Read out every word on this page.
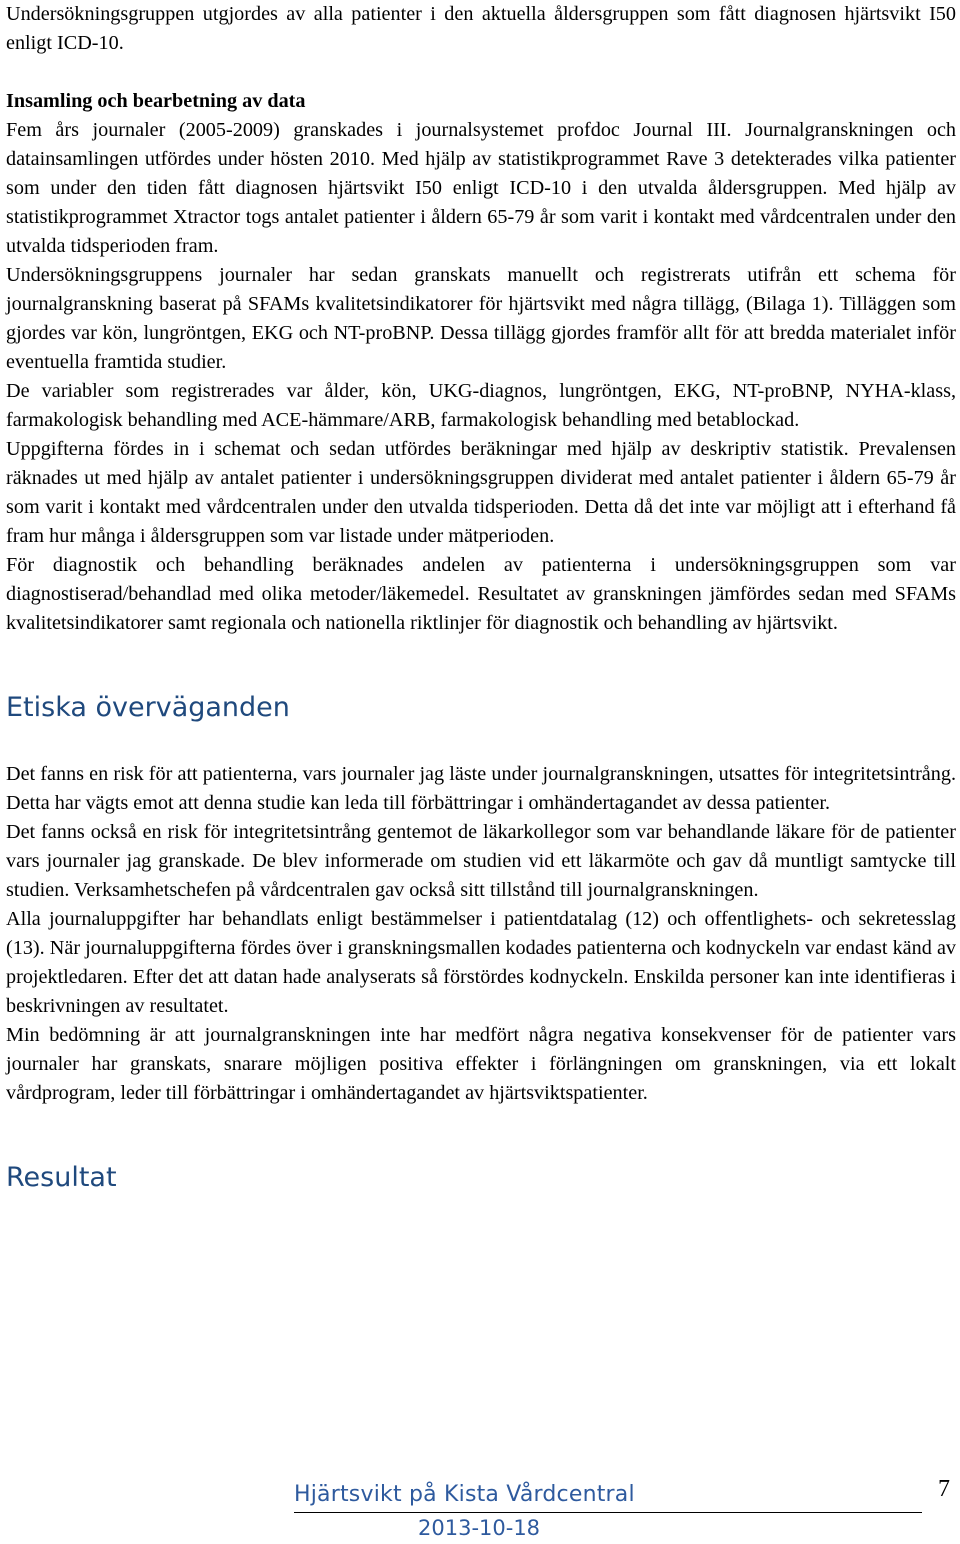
Undersökningsgruppen utgjordes av alla patienter i den aktuella åldersgruppen som fått diagnosen hjärtsvikt I50 enligt ICD-10.

Insamling och bearbetning av data

Fem års journaler (2005-2009) granskades i journalsystemet profdoc Journal III. Journalgranskningen och datainsamlingen utfördes under hösten 2010. Med hjälp av statistikprogrammet Rave 3 detekterades vilka patienter som under den tiden fått diagnosen hjärtsvikt I50 enligt ICD-10 i den utvalda åldersgruppen. Med hjälp av statistikprogrammet Xtractor togs antalet patienter i åldern 65-79 år som varit i kontakt med vårdcentralen under den utvalda tidsperioden fram.

Undersökningsgruppens journaler har sedan granskats manuellt och registrerats utifrån ett schema för journalgranskning baserat på SFAMs kvalitetsindikatorer för hjärtsvikt med några tillägg, (Bilaga 1). Tilläggen som gjordes var kön, lungröntgen, EKG och NT-proBNP. Dessa tillägg gjordes framför allt för att bredda materialet inför eventuella framtida studier.

De variabler som registrerades var ålder, kön, UKG-diagnos, lungröntgen, EKG, NT-proBNP, NYHA-klass, farmakologisk behandling med ACE-hämmare/ARB, farmakologisk behandling med betablockad.

Uppgifterna fördes in i schemat och sedan utfördes beräkningar med hjälp av deskriptiv statistik. Prevalensen räknades ut med hjälp av antalet patienter i undersökningsgruppen dividerat med antalet patienter i åldern 65-79 år som varit i kontakt med vårdcentralen under den utvalda tidsperioden. Detta då det inte var möjligt att i efterhand få fram hur många i åldersgruppen som var listade under mätperioden.

För diagnostik och behandling beräknades andelen av patienterna i undersökningsgruppen som var diagnostiserad/behandlad med olika metoder/läkemedel. Resultatet av granskningen jämfördes sedan med SFAMs kvalitetsindikatorer samt regionala och nationella riktlinjer för diagnostik och behandling av hjärtsvikt.

Etiska överväganden

Det fanns en risk för att patienterna, vars journaler jag läste under journalgranskningen, utsattes för integritetsintrång. Detta har vägts emot att denna studie kan leda till förbättringar i omhändertagandet av dessa patienter.

Det fanns också en risk för integritetsintrång gentemot de läkarkollegor som var behandlande läkare för de patienter vars journaler jag granskade. De blev informerade om studien vid ett läkarmöte och gav då muntligt samtycke till studien. Verksamhetschefen på vårdcentralen gav också sitt tillstånd till journalgranskningen.

Alla journaluppgifter har behandlats enligt bestämmelser i patientdatalag (12) och offentlighets- och sekretesslag (13). När journaluppgifterna fördes över i granskningsmallen kodades patienterna och kodnyckeln var endast känd av projektledaren. Efter det att datan hade analyserats så förstördes kodnyckeln. Enskilda personer kan inte identifieras i beskrivningen av resultatet.

Min bedömning är att journalgranskningen inte har medfört några negativa konsekvenser för de patienter vars journaler har granskats, snarare möjligen positiva effekter i förlängningen om granskningen, via ett lokalt vårdprogram, leder till förbättringar i omhändertagandet av hjärtsviktspatienter.

Resultat
Hjärtsvikt på Kista Vårdcentral	7
2013-10-18
